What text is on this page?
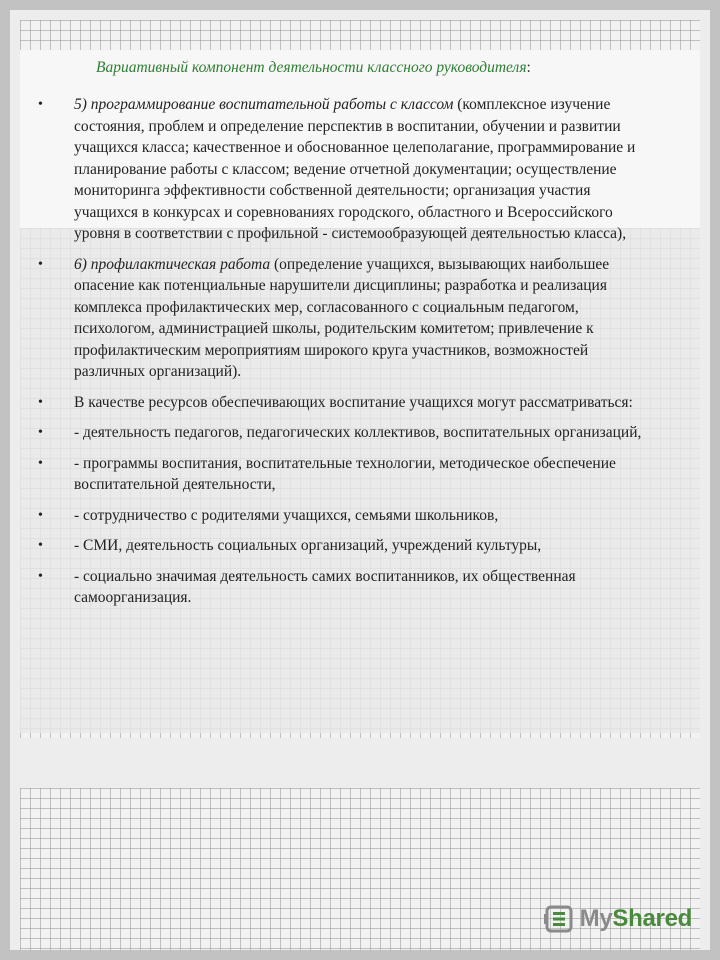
Вариативный компонент деятельности классного руководителя:
• 5) программирование воспитательной работы с классом (комплексное изучение состояния, проблем и определение перспектив в воспитании, обучении и развитии учащихся класса; качественное и обоснованное целеполагание, программирование и планирование работы с классом; ведение отчетной документации; осуществление мониторинга эффективности собственной деятельности; организация участия учащихся в конкурсах и соревнованиях городского, областного и Всероссийского уровня в соответствии с профильной - системообразующей деятельностью класса),
• 6) профилактическая работа (определение учащихся, вызывающих наибольшее опасение как потенциальные нарушители дисциплины; разработка и реализация комплекса профилактических мер, согласованного с социальным педагогом, психологом, администрацией школы, родительским комитетом; привлечение к профилактическим мероприятиям широкого круга участников, возможностей различных организаций).
• В качестве ресурсов обеспечивающих воспитание учащихся могут рассматриваться:
• - деятельность педагогов, педагогических коллективов, воспитательных организаций,
• - программы воспитания, воспитательные технологии, методическое обеспечение воспитательной деятельности,
• - сотрудничество с родителями учащихся, семьями школьников,
• - СМИ, деятельность социальных организаций, учреждений культуры,
• - социально значимая деятельность самих воспитанников, их общественная самоорганизация.
MyShared
